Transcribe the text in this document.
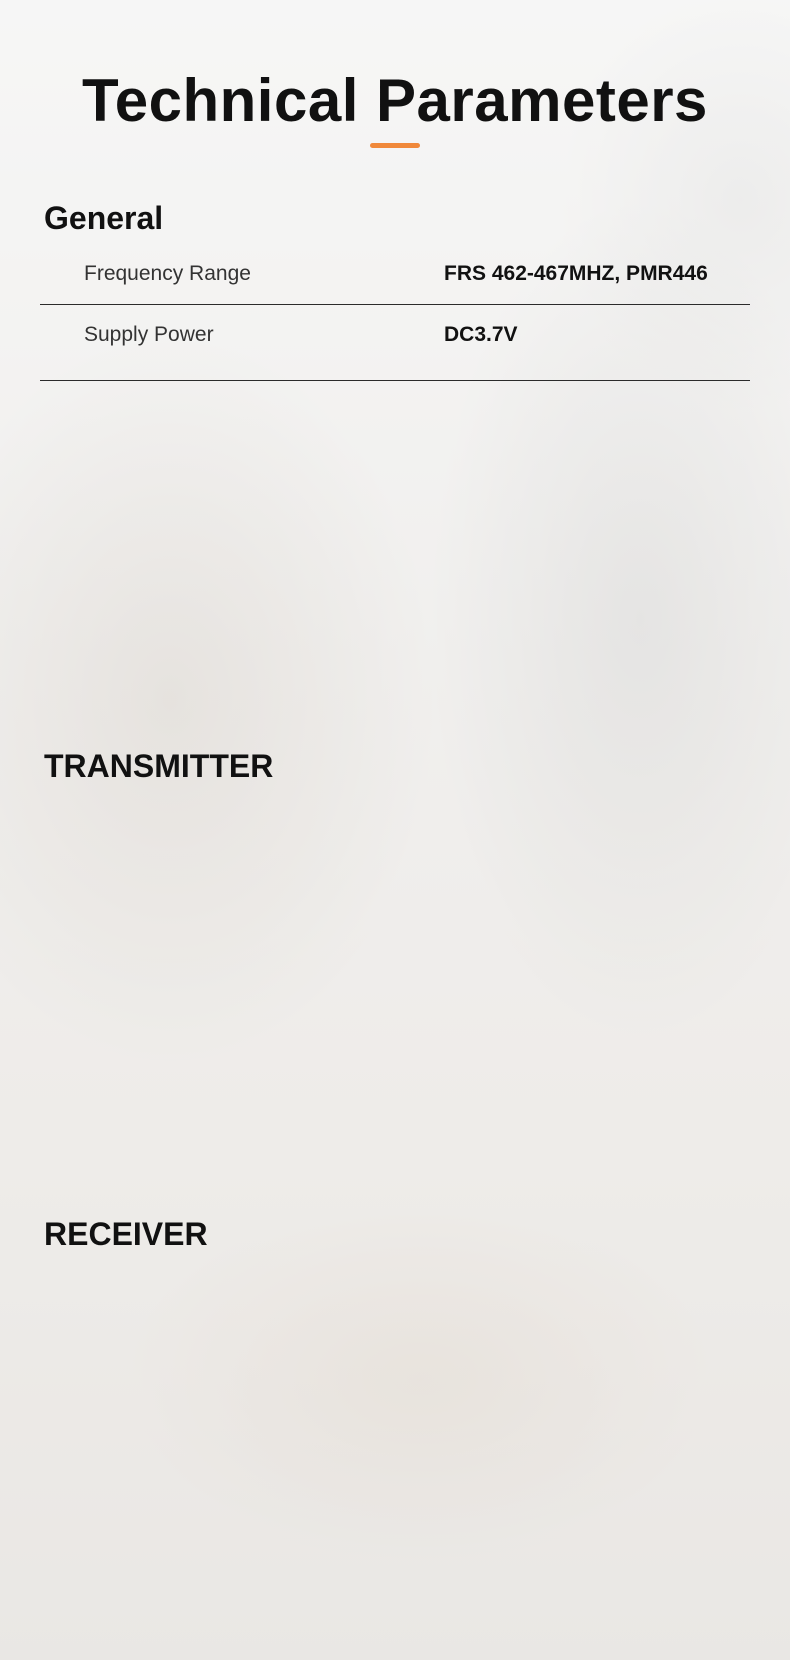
Technical Parameters
General
TRANSMITTER
RECEIVER
Frequency Range	FRS 462-467MHZ, PMR446
Supply Power	DC3.7V
